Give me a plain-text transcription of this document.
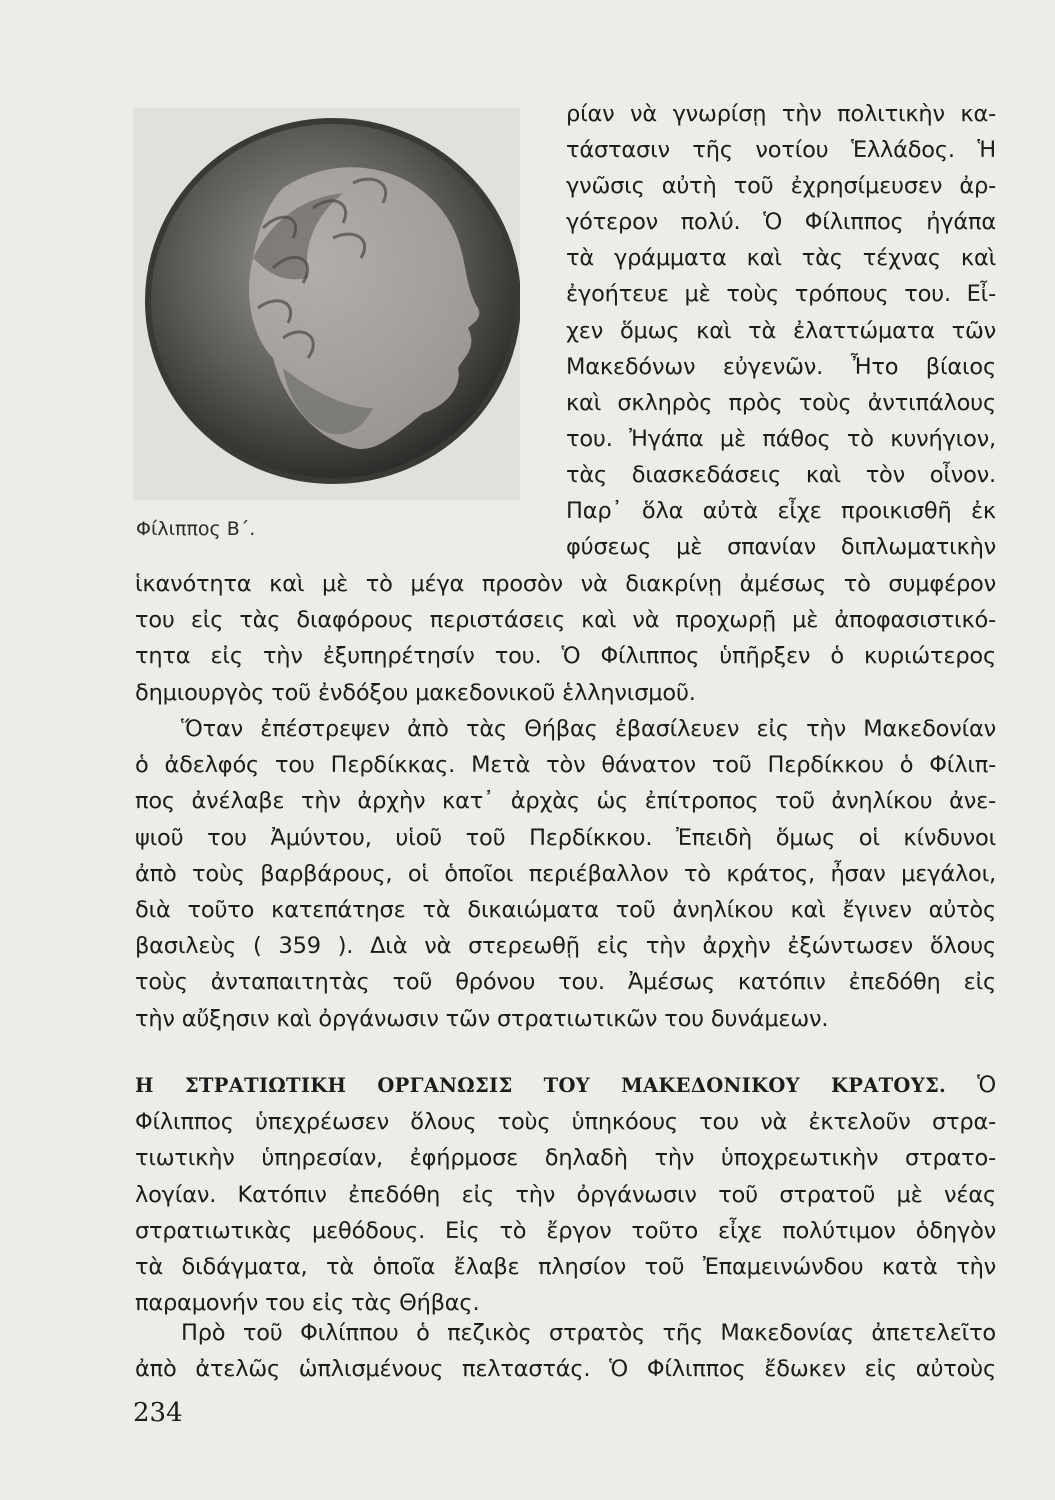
Φίλιππος Β΄.

ρίαν νὰ γνωρίσῃ τὴν πολιτικὴν κα-
τάστασιν τῆς νοτίου Ἑλλάδος. Ἡ
γνῶσις αὐτὴ τοῦ ἐχρησίμευσεν ἀρ-
γότερον πολύ. Ὁ Φίλιππος ἠγάπα
τὰ γράμματα καὶ τὰς τέχνας καὶ
ἐγοήτευε μὲ τοὺς τρόπους του. Εἶ-
χεν ὅμως καὶ τὰ ἐλαττώματα τῶν
Μακεδόνων εὐγενῶν. Ἦτο βίαιος
καὶ σκληρὸς πρὸς τοὺς ἀντιπάλους
του. Ἠγάπα μὲ πάθος τὸ κυνήγιον,
τὰς διασκεδάσεις καὶ τὸν οἶνον.
Παρ᾽ ὅλα αὐτὰ εἶχε προικισθῆ ἐκ
φύσεως μὲ σπανίαν διπλωματικὴν

ἱκανότητα καὶ μὲ τὸ μέγα προσὸν νὰ διακρίνῃ ἀμέσως τὸ συμφέρον
του εἰς τὰς διαφόρους περιστάσεις καὶ νὰ προχωρῇ μὲ ἀποφασιστικό-
τητα εἰς τὴν ἐξυπηρέτησίν του. Ὁ Φίλιππος ὑπῆρξεν ὁ κυριώτερος
δημιουργὸς τοῦ ἐνδόξου μακεδονικοῦ ἑλληνισμοῦ.

Ὅταν ἐπέστρεψεν ἀπὸ τὰς Θήβας ἐβασίλευεν εἰς τὴν Μακεδονίαν
ὁ ἀδελφός του Περδίκκας. Μετὰ τὸν θάνατον τοῦ Περδίκκου ὁ Φίλιπ-
πος ἀνέλαβε τὴν ἀρχὴν κατ᾽ ἀρχὰς ὡς ἐπίτροπος τοῦ ἀνηλίκου ἀνε-
ψιοῦ του Ἀμύντου, υἱοῦ τοῦ Περδίκκου. Ἐπειδὴ ὅμως οἱ κίνδυνοι
ἀπὸ τοὺς βαρβάρους, οἱ ὁποῖοι περιέβαλλον τὸ κράτος, ἦσαν μεγάλοι,
διὰ τοῦτο κατεπάτησε τὰ δικαιώματα τοῦ ἀνηλίκου καὶ ἔγινεν αὐτὸς
βασιλεὺς ( 359 ). Διὰ νὰ στερεωθῇ εἰς τὴν ἀρχὴν ἐξώντωσεν ὅλους
τοὺς ἀνταπαιτητὰς τοῦ θρόνου του. Ἀμέσως κατόπιν ἐπεδόθη εἰς
τὴν αὔξησιν καὶ ὀργάνωσιν τῶν στρατιωτικῶν του δυνάμεων.

Η ΣΤΡΑΤΙΩΤΙΚΗ ΟΡΓΑΝΩΣΙΣ ΤΟΥ ΜΑΚΕΔΟΝΙΚΟΥ ΚΡΑΤΟΥΣ. Ὁ
Φίλιππος ὑπεχρέωσεν ὅλους τοὺς ὑπηκόους του νὰ ἐκτελοῦν στρα-
τιωτικὴν ὑπηρεσίαν, ἐφήρμοσε δηλαδὴ τὴν ὑποχρεωτικὴν στρατο-
λογίαν. Κατόπιν ἐπεδόθη εἰς τὴν ὀργάνωσιν τοῦ στρατοῦ μὲ νέας
στρατιωτικὰς μεθόδους. Εἰς τὸ ἔργον τοῦτο εἶχε πολύτιμον ὁδηγὸν
τὰ διδάγματα, τὰ ὁποῖα ἔλαβε πλησίον τοῦ Ἐπαμεινώνδου κατὰ τὴν
παραμονήν του εἰς τὰς Θήβας.

Πρὸ τοῦ Φιλίππου ὁ πεζικὸς στρατὸς τῆς Μακεδονίας ἀπετελεῖτο
ἀπὸ ἀτελῶς ὡπλισμένους πελταστάς. Ὁ Φίλιππος ἔδωκεν εἰς αὐτοὺς

234
